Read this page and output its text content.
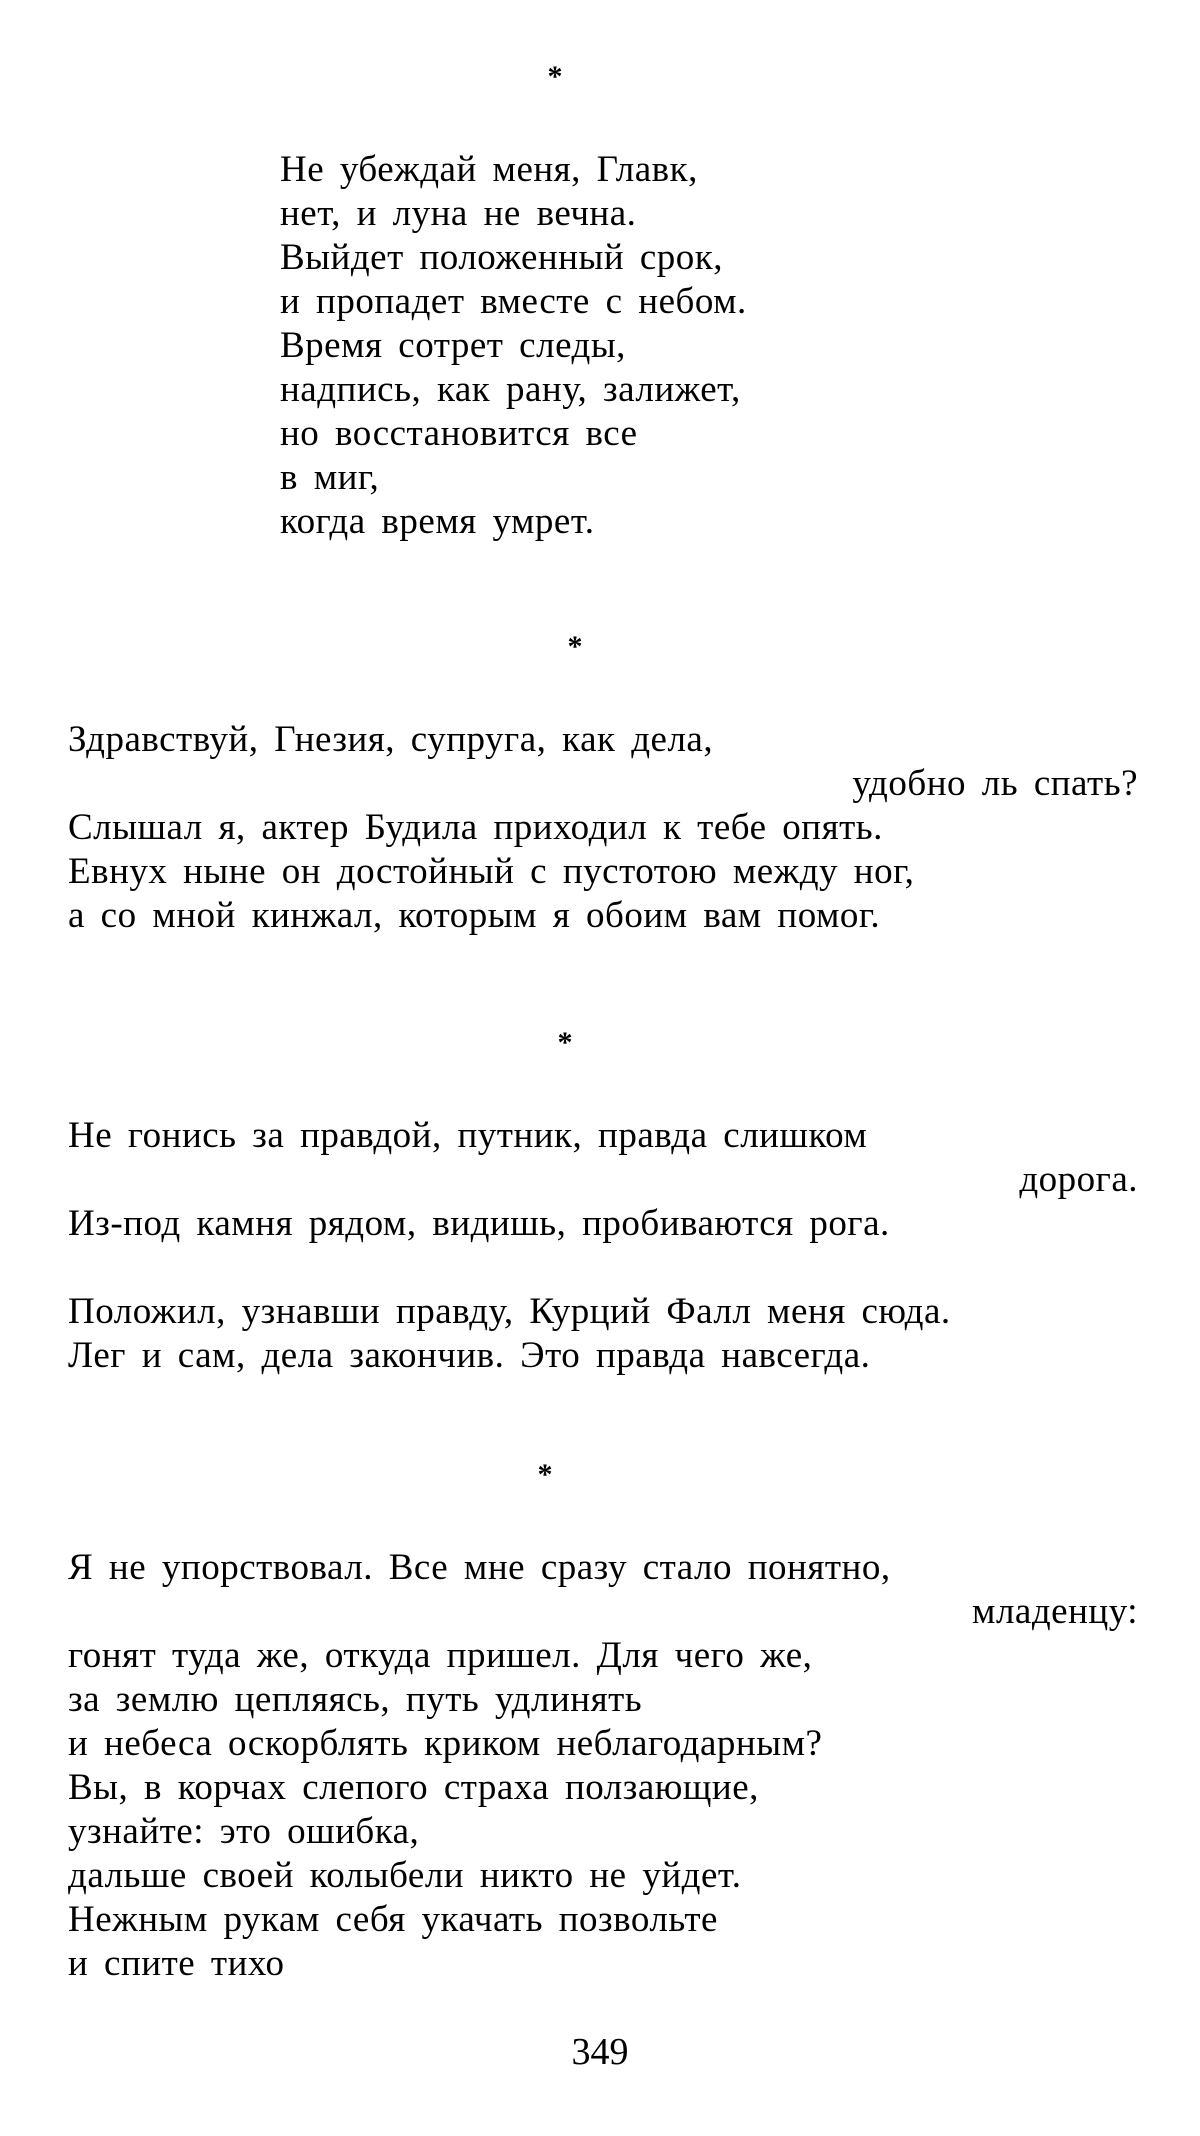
*
Не убеждай меня, Главк,
нет, и луна не вечна.
Выйдет положенный срок,
и пропадет вместе с небом.
Время сотрет следы,
надпись, как рану, залижет,
но восстановится все
в миг,
когда время умрет.
*
Здравствуй, Гнезия, супруга, как дела,
удобно ль спать?
Слышал я, актер Будила приходил к тебе опять.
Евнух ныне он достойный с пустотою между ног,
а со мной кинжал, которым я обоим вам помог.
*
Не гонись за правдой, путник, правда слишком
дорога.
Из-под камня рядом, видишь, пробиваются рога.
Положил, узнавши правду, Курций Фалл меня сюда.
Лег и сам, дела закончив. Это правда навсегда.
*
Я не упорствовал. Все мне сразу стало понятно,
младенцу:
гонят туда же, откуда пришел. Для чего же,
за землю цепляясь, путь удлинять
и небеса оскорблять криком неблагодарным?
Вы, в корчах слепого страха ползающие,
узнайте: это ошибка,
дальше своей колыбели никто не уйдет.
Нежным рукам себя укачать позвольте
и спите тихо
349
